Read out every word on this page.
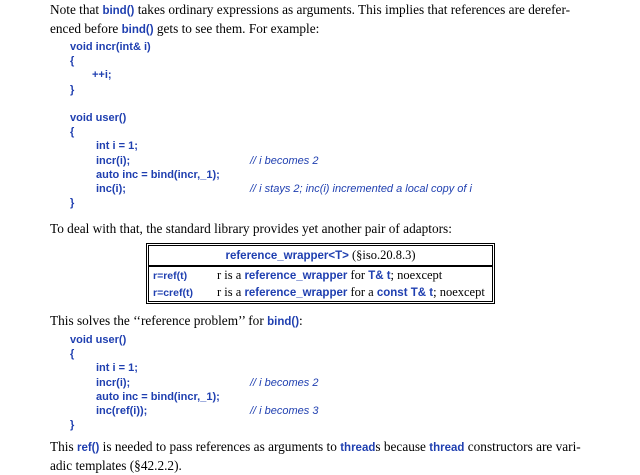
Note that bind() takes ordinary expressions as arguments. This implies that references are derefer-
enced before bind() gets to see them. For example:

void incr(int& i)
{
++i;
}
void user()
{
int i = 1;
incr(i);	// i becomes 2
auto inc = bind(incr,_1);
inc(i);	// i stays 2; inc(i) incremented a local copy of i
}

To deal with that, the standard library provides yet another pair of adaptors:

reference_wrapper<T> (§iso.20.8.3)	
r=ref(t)	r is a reference_wrapper for T& t; noexcept
r=cref(t)	r is a reference_wrapper for a const T& t; noexcept

This solves the ‘‘reference problem’’ for bind():

void user()
{
int i = 1;
incr(i);	// i becomes 2
auto inc = bind(incr,_1);
inc(ref(i));	// i becomes 3
}

This ref() is needed to pass references as arguments to threads because thread constructors are vari-
adic templates (§42.2.2).
